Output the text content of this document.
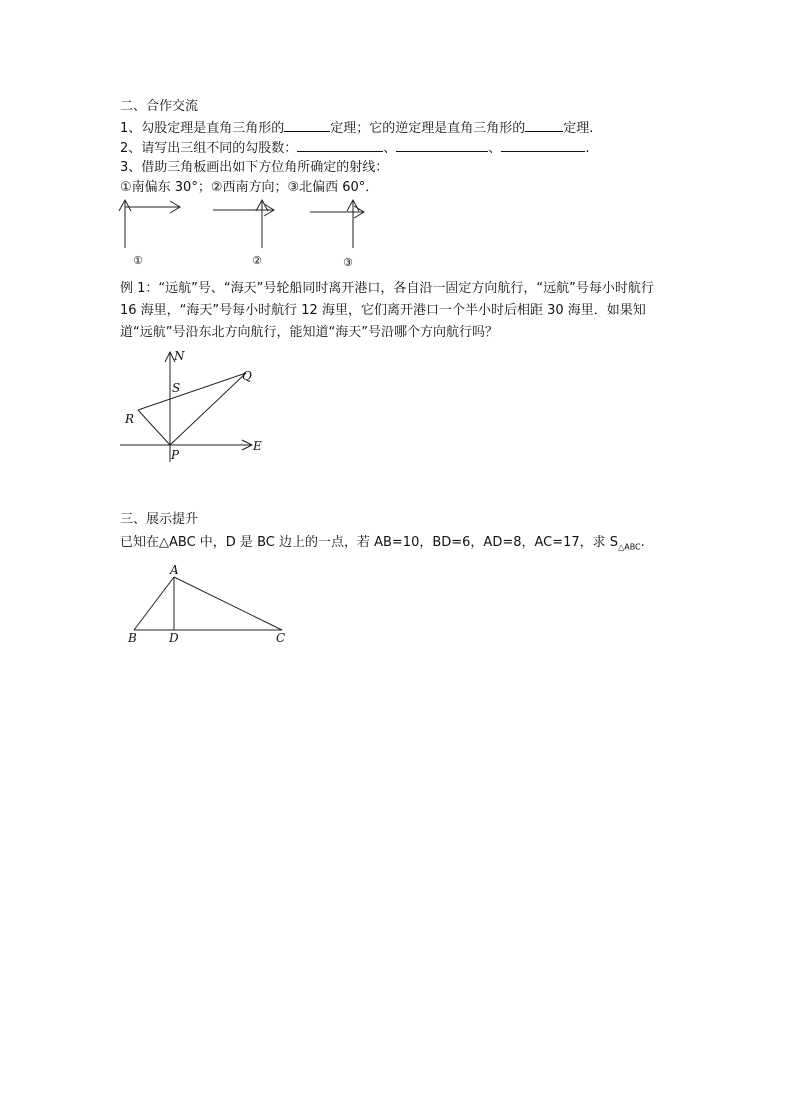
二、合作交流
1、勾股定理是直角三角形的	定理；它的逆定理是直角三角形的	定理.
2、请写出三组不同的勾股数：	、	、	.
3、借助三角板画出如下方位角所确定的射线：
①南偏东 30°；②西南方向；③北偏西 60°．
①	②	③
例 1：“远航”号、“海天”号轮船同时离开港口，各自沿一固定方向航行，“远航”号每小时航行 16 海里，“海天”号每小时航行 12 海里，它们离开港口一个半小时后相距 30 海里．如果知道“远航”号沿东北方向航行，能知道“海天”号沿哪个方向航行吗？
N
S
Q
R
P
E
三、展示提升
已知在△ABC 中，D 是 BC 边上的一点，若 AB=10，BD=6，AD=8，AC=17，求 $S_{\triangle ABC}$.
A
B	D	C
